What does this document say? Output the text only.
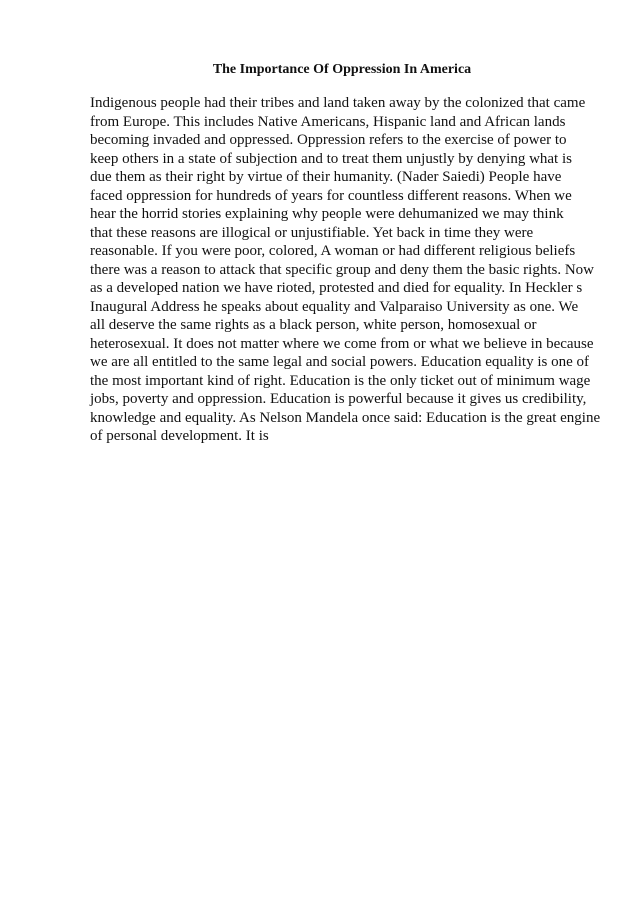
The Importance Of Oppression In America
Indigenous people had their tribes and land taken away by the colonized that came
from Europe. This includes Native Americans, Hispanic land and African lands
becoming invaded and oppressed. Oppression refers to the exercise of power to
keep others in a state of subjection and to treat them unjustly by denying what is
due them as their right by virtue of their humanity. (Nader Saiedi) People have
faced oppression for hundreds of years for countless different reasons. When we
hear the horrid stories explaining why people were dehumanized we may think
that these reasons are illogical or unjustifiable. Yet back in time they were
reasonable. If you were poor, colored, A woman or had different religious beliefs
there was a reason to attack that specific group and deny them the basic rights. Now
as a developed nation we have rioted, protested and died for equality. In Heckler s
Inaugural Address he speaks about equality and Valparaiso University as one. We
all deserve the same rights as a black person, white person, homosexual or
heterosexual. It does not matter where we come from or what we believe in because
we are all entitled to the same legal and social powers. Education equality is one of
the most important kind of right. Education is the only ticket out of minimum wage
jobs, poverty and oppression. Education is powerful because it gives us credibility,
knowledge and equality. As Nelson Mandela once said: Education is the great engine
of personal development. It is
